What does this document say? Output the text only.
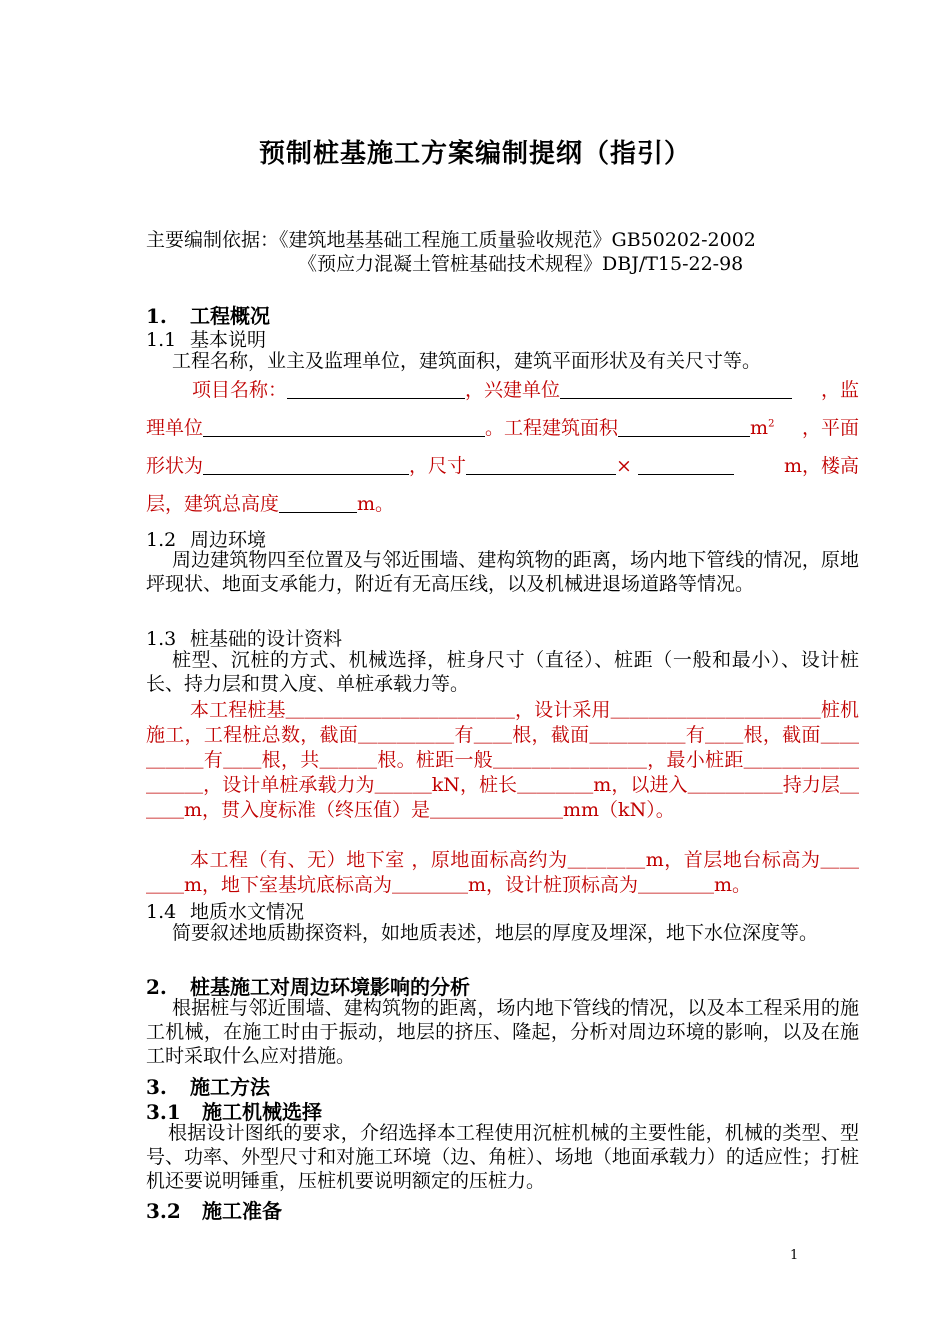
预制桩基施工方案编制提纲（指引）
主要编制依据：《建筑地基基础工程施工质量验收规范》GB50202-2002
《预应力混凝土管桩基础技术规程》DBJ/T15-22-98
1. 工程概况
1.1 基本说明
工程名称，业主及监理单位，建筑面积，建筑平面形状及有关尺寸等。
项目名称：	，兴建单位	，监
理单位	。工程建筑面积	$m^2$ ，平面
形状为	，尺寸	×	m，楼高
层，建筑总高度	m。
1.2 周边环境
周边建筑物四至位置及与邻近围墙、建构筑物的距离，场内地下管线的情况，原地坪现状、地面支承能力，附近有无高压线，以及机械进退场道路等情况。
1.3 桩基础的设计资料
桩型、沉桩的方式、机械选择，桩身尺寸（直径）、桩距（一般和最小）、设计桩长、持力层和贯入度、单桩承载力等。
本工程桩基＿＿＿＿＿＿＿＿＿＿＿＿，设计采用＿＿＿＿＿＿＿＿＿＿＿桩机施工，工程桩总数，截面＿＿＿＿＿有＿＿根，截面＿＿＿＿＿有＿＿根，截面＿＿＿＿＿有＿＿根，共＿＿＿根。桩距一般＿＿＿＿＿＿＿＿，最小桩距＿＿＿＿＿＿＿＿＿，设计单桩承载力为＿＿＿kN，桩长＿＿＿＿m，以进入＿＿＿＿＿持力层＿＿＿m，贯入度标准（终压值）是＿＿＿＿＿＿＿mm（kN）。
本工程（有、无）地下室 ，原地面标高约为＿＿＿＿m，首层地台标高为＿＿＿＿m，地下室基坑底标高为＿＿＿＿m，设计桩顶标高为＿＿＿＿m。
1.4 地质水文情况
简要叙述地质勘探资料，如地质表述，地层的厚度及埋深，地下水位深度等。
2. 桩基施工对周边环境影响的分析
根据桩与邻近围墙、建构筑物的距离，场内地下管线的情况，以及本工程采用的施工机械，在施工时由于振动，地层的挤压、隆起，分析对周边环境的影响，以及在施工时采取什么应对措施。
3. 施工方法
3.1 施工机械选择
根据设计图纸的要求，介绍选择本工程使用沉桩机械的主要性能，机械的类型、型号、功率、外型尺寸和对施工环境（边、角桩）、场地（地面承载力）的适应性；打桩机还要说明锤重，压桩机要说明额定的压桩力。
3.2 施工准备
1
